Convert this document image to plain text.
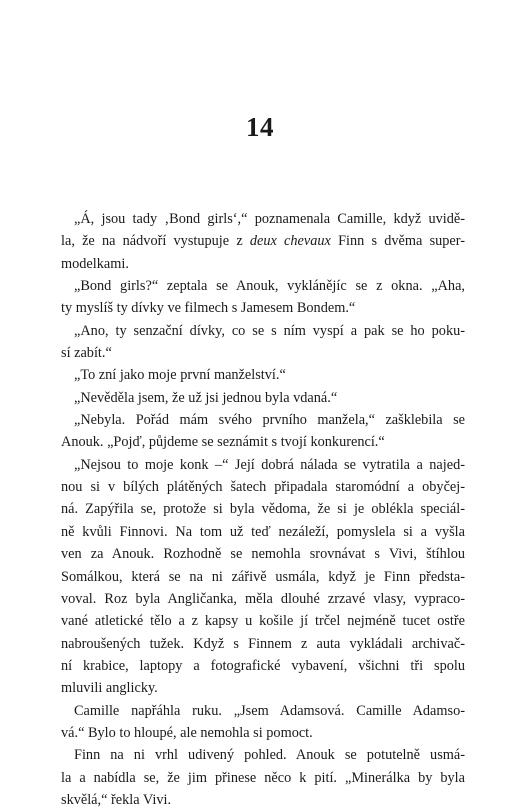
14
„Á, jsou tady ‚Bond girls‘,“ poznamenala Camille, když uvidě-
la, že na nádvoří vystupuje z deux chevaux Finn s dvěma super-
modelkami.
„Bond girls?“ zeptala se Anouk, vyklánějíc se z okna. „Aha,
ty myslíš ty dívky ve filmech s Jamesem Bondem.“
„Ano, ty senzační dívky, co se s ním vyspí a pak se ho poku-
sí zabít.“
„To zní jako moje první manželství.“
„Nevěděla jsem, že už jsi jednou byla vdaná.“
„Nebyla. Pořád mám svého prvního manžela,“ zašklebila se
Anouk. „Pojď, půjdeme se seznámit s tvojí konkurencí.“
„Nejsou to moje konk –“ Její dobrá nálada se vytratila a najed-
nou si v bílých plátěných šatech připadala staromódní a obyčej-
ná. Zapýřila se, protože si byla vědoma, že si je oblékla speciál-
ně kvůli Finnovi. Na tom už teď nezáleží, pomyslela si a vyšla
ven za Anouk. Rozhodně se nemohla srovnávat s Vivi, štíhlou
Somálkou, která se na ni zářivě usmála, když je Finn předsta-
voval. Roz byla Angličanka, měla dlouhé zrzavé vlasy, vypraco-
vané atletické tělo a z kapsy u košile jí trčel nejméně tucet ostře
nabroušených tužek. Když s Finnem z auta vykládali archivač-
ní krabice, laptopy a fotografické vybavení, všichni tři spolu
mluvili anglicky.
Camille napřáhla ruku. „Jsem Adamsová. Camille Adamso-
vá.“ Bylo to hloupé, ale nemohla si pomoct.
Finn na ni vrhl udivený pohled. Anouk se potutelně usmá-
la a nabídla se, že jim přinese něco k pití. „Minerálka by byla
skvělá,“ řekla Vivi.
